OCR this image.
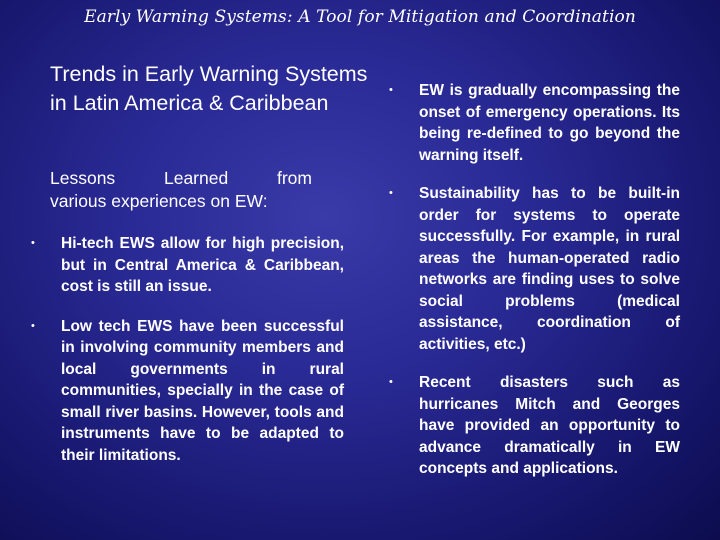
Early Warning Systems: A Tool for Mitigation and Coordination
Trends in Early Warning Systems in Latin America & Caribbean
Lessons Learned from
various experiences on EW:
• Hi-tech EWS allow for high precision, but in Central America & Caribbean, cost is still an issue.
• Low tech EWS have been successful in involving community members and local governments in rural communities, specially in the case of small river basins. However, tools and instruments have to be adapted to their limitations.
• EW is gradually encompassing the onset of emergency operations. Its being re-defined to go beyond the warning itself.
• Sustainability has to be built-in order for systems to operate successfully. For example, in rural areas the human-operated radio networks are finding uses to solve social problems (medical assistance, coordination of activities, etc.)
• Recent disasters such as hurricanes Mitch and Georges have provided an opportunity to advance dramatically in EW concepts and applications.
